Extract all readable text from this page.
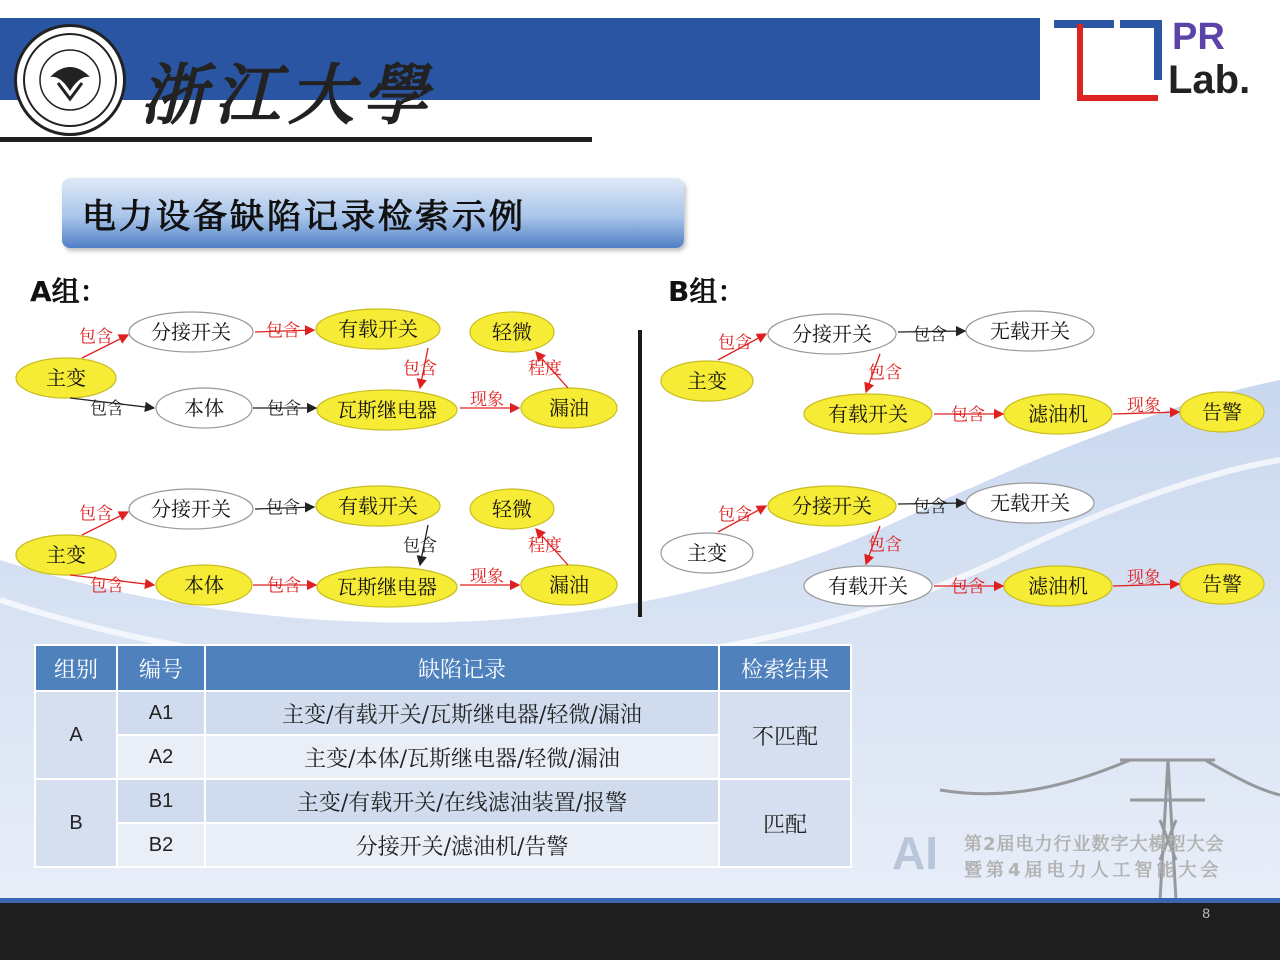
浙江大學
PR
Lab.
电力设备缺陷记录检索示例
A组：	B组：
分接开关	有载开关	轻微
主变
本体	瓦斯继电器	漏油
包含	包含
包含	程度
现象
包含	包含
分接开关	有载开关	轻微
主变
本体	瓦斯继电器	漏油
包含	包含
包含	程度
现象
包含	包含
分接开关	无载开关
主变
有载开关	滤油机	告警
包含	包含
包含
包含	现象
分接开关	无载开关
主变
有载开关	滤油机	告警
包含	包含
包含
包含	现象
组别	编号	缺陷记录	检索结果
A	A1	主变/有载开关/瓦斯继电器/轻微/漏油	不匹配
	A2	主变/本体/瓦斯继电器/轻微/漏油	
B	B1	主变/有载开关/在线滤油装置/报警	匹配
	B2	分接开关/滤油机/告警		AI 第2届电力行业数字大模型大会
暨第4届电力人工智能大会
8
